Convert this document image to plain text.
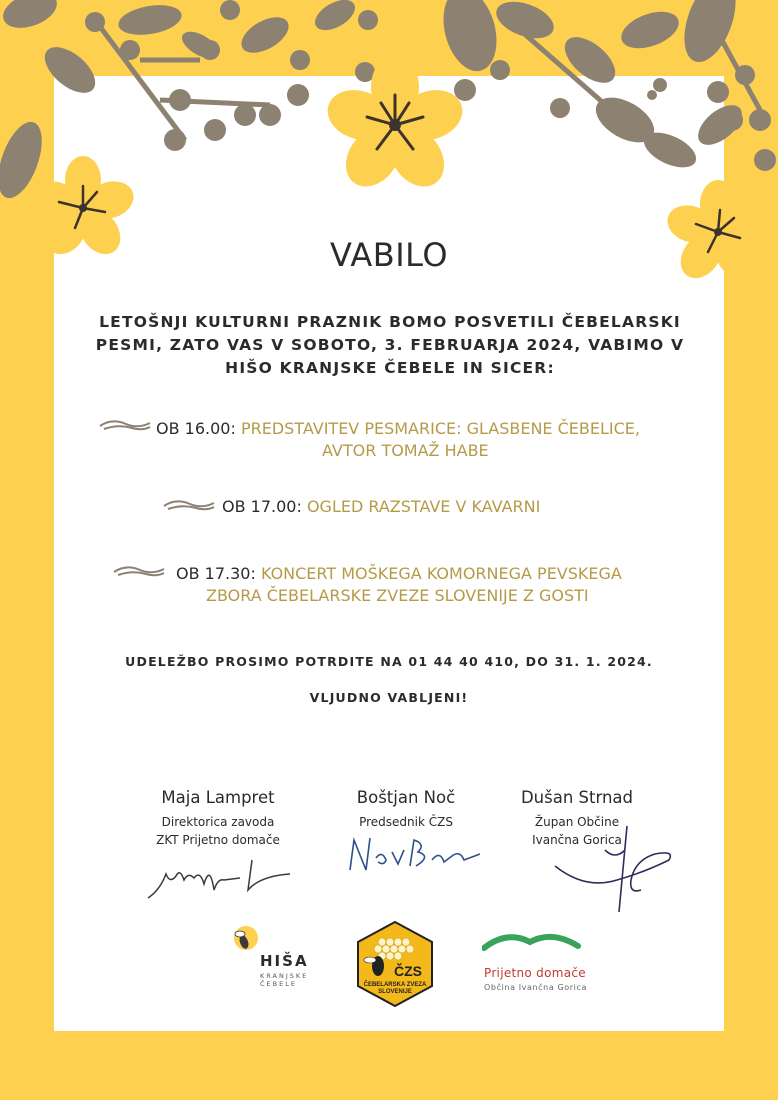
VABILO
LETOŠNJI KULTURNI PRAZNIK BOMO POSVETILI ČEBELARSKI
PESMI, ZATO VAS V SOBOTO, 3. FEBRUARJA 2024, VABIMO V
HIŠO KRANJSKE ČEBELE IN SICER:
OB 16.00: PREDSTAVITEV PESMARICE: GLASBENE ČEBELICE,
AVTOR TOMAŽ HABE
OB 17.00: OGLED RAZSTAVE V KAVARNI
OB 17.30: KONCERT MOŠKEGA KOMORNEGA PEVSKEGA
ZBORA ČEBELARSKE ZVEZE SLOVENIJE Z GOSTI
UDELEŽBO PROSIMO POTRDITE NA 01 44 40 410, DO 31. 1. 2024.
VLJUDNO VABLJENI!
Maja Lampret
Direktorica zavoda
ZKT Prijetno domače
Boštjan Noč
Predsednik ČZS
Dušan Strnad
Župan Občine
Ivančna Gorica
HIŠA
KRANJSKE
ČEBELE
ČZS
ČEBELARSKA ZVEZA
SLOVENIJE
Prijetno domače
Občina Ivančna Gorica
